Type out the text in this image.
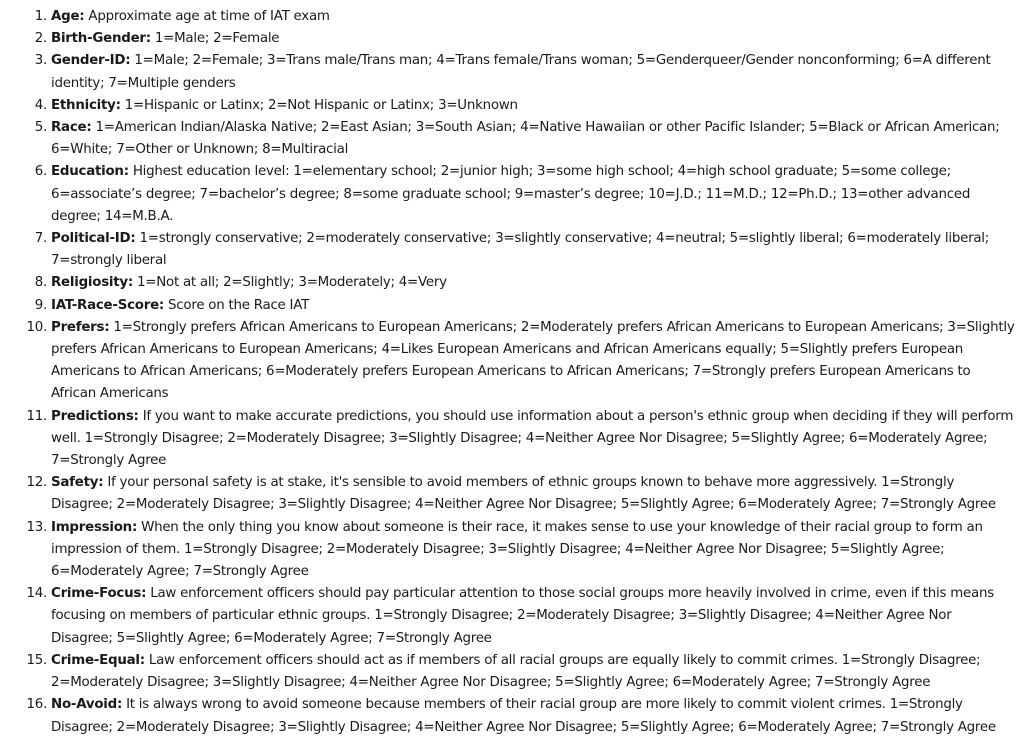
1. Age: Approximate age at time of IAT exam
2. Birth-Gender: 1=Male; 2=Female
3. Gender-ID: 1=Male; 2=Female; 3=Trans male/Trans man; 4=Trans female/Trans woman; 5=Genderqueer/Gender nonconforming; 6=A different identity; 7=Multiple genders
4. Ethnicity: 1=Hispanic or Latinx; 2=Not Hispanic or Latinx; 3=Unknown
5. Race: 1=American Indian/Alaska Native; 2=East Asian; 3=South Asian; 4=Native Hawaiian or other Pacific Islander; 5=Black or African American; 6=White; 7=Other or Unknown; 8=Multiracial
6. Education: Highest education level: 1=elementary school; 2=junior high; 3=some high school; 4=high school graduate; 5=some college; 6=associate’s degree; 7=bachelor’s degree; 8=some graduate school; 9=master’s degree; 10=J.D.; 11=M.D.; 12=Ph.D.; 13=other advanced degree; 14=M.B.A.
7. Political-ID: 1=strongly conservative; 2=moderately conservative; 3=slightly conservative; 4=neutral; 5=slightly liberal; 6=moderately liberal; 7=strongly liberal
8. Religiosity: 1=Not at all; 2=Slightly; 3=Moderately; 4=Very
9. IAT-Race-Score: Score on the Race IAT
10. Prefers: 1=Strongly prefers African Americans to European Americans; 2=Moderately prefers African Americans to European Americans; 3=Slightly prefers African Americans to European Americans; 4=Likes European Americans and African Americans equally; 5=Slightly prefers European Americans to African Americans; 6=Moderately prefers European Americans to African Americans; 7=Strongly prefers European Americans to African Americans
11. Predictions: If you want to make accurate predictions, you should use information about a person's ethnic group when deciding if they will perform well. 1=Strongly Disagree; 2=Moderately Disagree; 3=Slightly Disagree; 4=Neither Agree Nor Disagree; 5=Slightly Agree; 6=Moderately Agree; 7=Strongly Agree
12. Safety: If your personal safety is at stake, it's sensible to avoid members of ethnic groups known to behave more aggressively. 1=Strongly Disagree; 2=Moderately Disagree; 3=Slightly Disagree; 4=Neither Agree Nor Disagree; 5=Slightly Agree; 6=Moderately Agree; 7=Strongly Agree
13. Impression: When the only thing you know about someone is their race, it makes sense to use your knowledge of their racial group to form an impression of them. 1=Strongly Disagree; 2=Moderately Disagree; 3=Slightly Disagree; 4=Neither Agree Nor Disagree; 5=Slightly Agree; 6=Moderately Agree; 7=Strongly Agree
14. Crime-Focus: Law enforcement officers should pay particular attention to those social groups more heavily involved in crime, even if this means focusing on members of particular ethnic groups. 1=Strongly Disagree; 2=Moderately Disagree; 3=Slightly Disagree; 4=Neither Agree Nor Disagree; 5=Slightly Agree; 6=Moderately Agree; 7=Strongly Agree
15. Crime-Equal: Law enforcement officers should act as if members of all racial groups are equally likely to commit crimes. 1=Strongly Disagree; 2=Moderately Disagree; 3=Slightly Disagree; 4=Neither Agree Nor Disagree; 5=Slightly Agree; 6=Moderately Agree; 7=Strongly Agree
16. No-Avoid: It is always wrong to avoid someone because members of their racial group are more likely to commit violent crimes. 1=Strongly Disagree; 2=Moderately Disagree; 3=Slightly Disagree; 4=Neither Agree Nor Disagree; 5=Slightly Agree; 6=Moderately Agree; 7=Strongly Agree
